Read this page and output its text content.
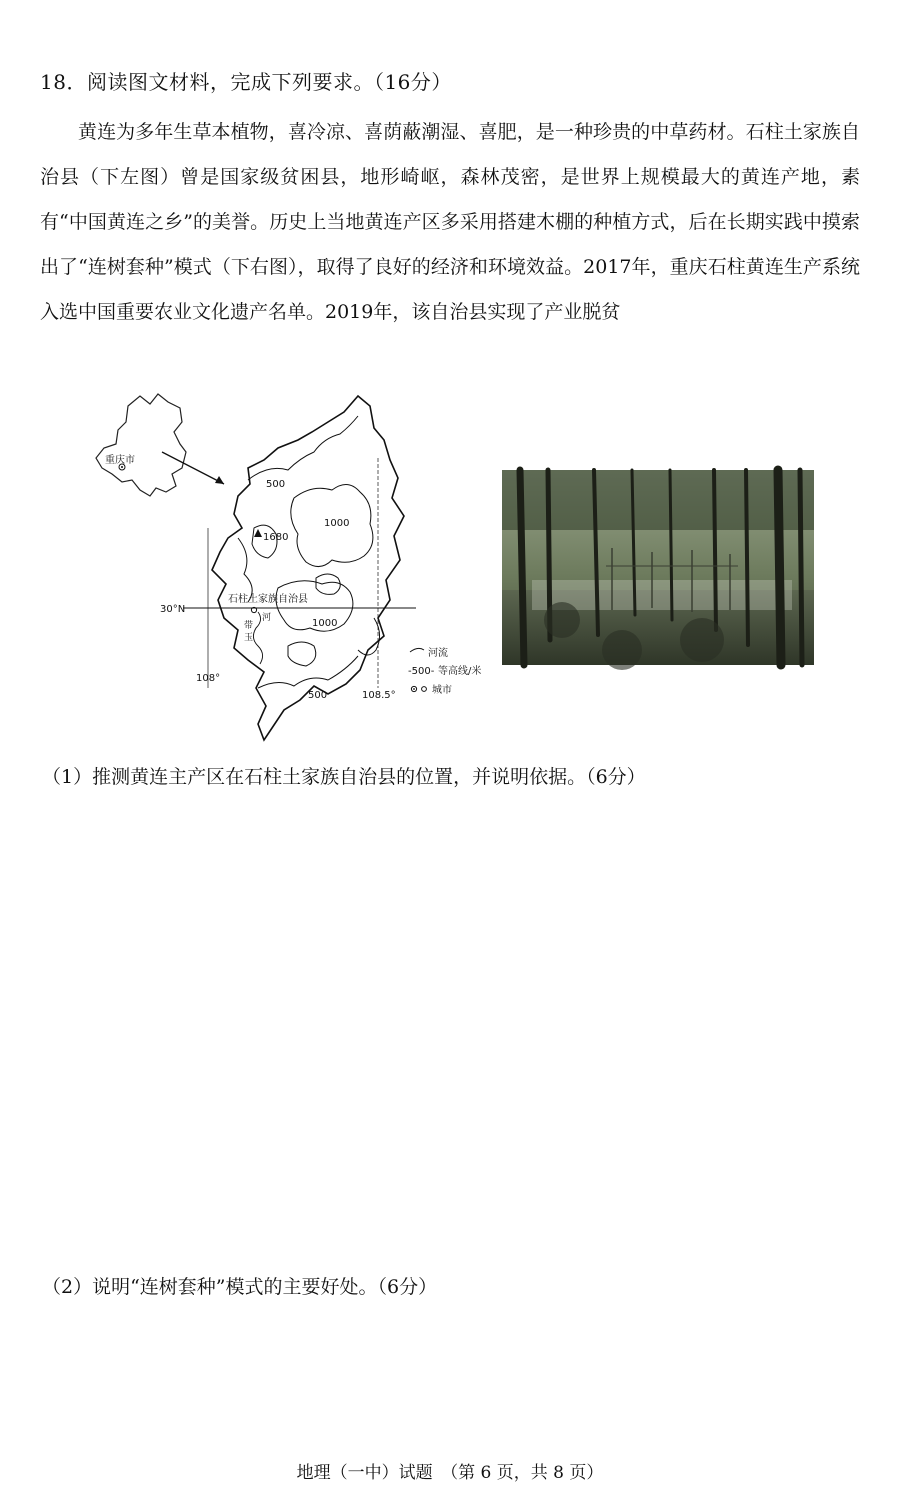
18．阅读图文材料，完成下列要求。（16分）

黄连为多年生草本植物，喜冷凉、喜荫蔽潮湿、喜肥，是一种珍贵的中草药材。石柱土家族自治县（下左图）曾是国家级贫困县，地形崎岖，森林茂密，是世界上规模最大的黄连产地，素有“中国黄连之乡”的美誉。历史上当地黄连产区多采用搭建木棚的种植方式，后在长期实践中摸索出了“连树套种”模式（下右图），取得了良好的经济和环境效益。2017年，重庆石柱黄连生产系统入选中国重要农业文化遗产名单。2019年，该自治县实现了产业脱贫

重庆市
30°N
108°
108.5°
1680
500
500
1000
1000
石柱土家族自治县
河
带
玉
河流
-500- 等高线/米
城市
（1）推测黄连主产区在石柱土家族自治县的位置，并说明依据。（6分）
（2）说明“连树套种”模式的主要好处。（6分）
地理（一中）试题　（第 6 页，共 8 页）
